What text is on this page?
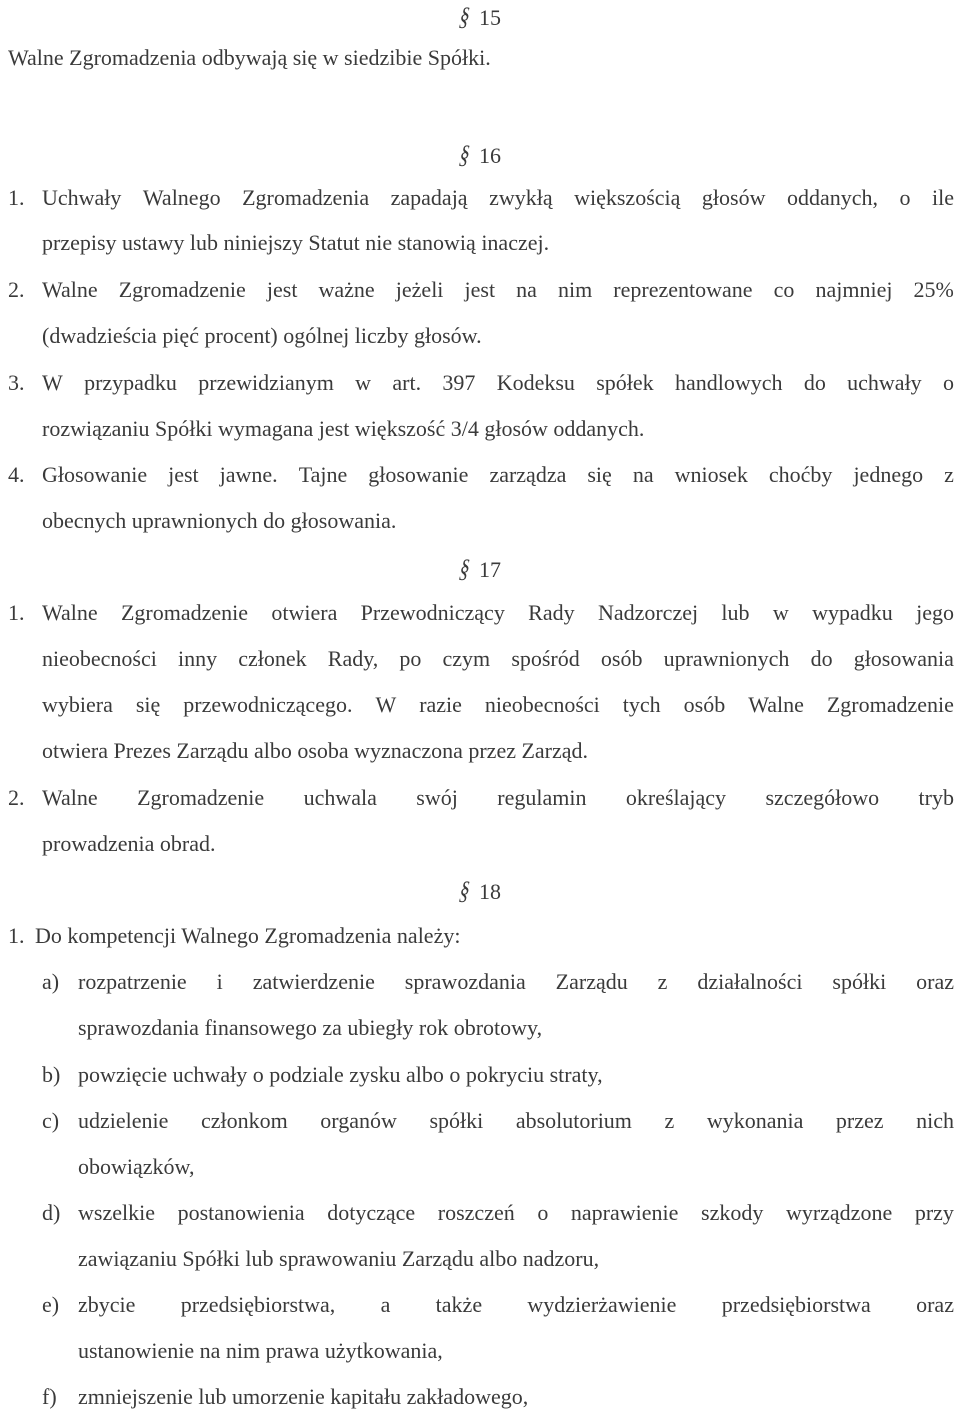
§ 15
Walne Zgromadzenia odbywają się w siedzibie Spółki.
§ 16
1. Uchwały Walnego Zgromadzenia zapadają zwykłą większością głosów oddanych, o ile
przepisy ustawy lub niniejszy Statut nie stanowią inaczej.
2. Walne Zgromadzenie jest ważne jeżeli jest na nim reprezentowane co najmniej 25%
(dwadzieścia pięć procent) ogólnej liczby głosów.
3. W przypadku przewidzianym w art. 397 Kodeksu spółek handlowych do uchwały o
rozwiązaniu Spółki wymagana jest większość 3/4 głosów oddanych.
4. Głosowanie jest jawne. Tajne głosowanie zarządza się na wniosek choćby jednego z
obecnych uprawnionych do głosowania.
§ 17
1. Walne Zgromadzenie otwiera Przewodniczący Rady Nadzorczej lub w wypadku jego
nieobecności inny członek Rady, po czym spośród osób uprawnionych do głosowania
wybiera się przewodniczącego. W razie nieobecności tych osób Walne Zgromadzenie
otwiera Prezes Zarządu albo osoba wyznaczona przez Zarząd.
2. Walne Zgromadzenie uchwala swój regulamin określający szczegółowo tryb
prowadzenia obrad.
§ 18
1. Do kompetencji Walnego Zgromadzenia należy:
a) rozpatrzenie i zatwierdzenie sprawozdania Zarządu z działalności spółki oraz
sprawozdania finansowego za ubiegły rok obrotowy,
b) powzięcie uchwały o podziale zysku albo o pokryciu straty,
c) udzielenie członkom organów spółki absolutorium z wykonania przez nich
obowiązków,
d) wszelkie postanowienia dotyczące roszczeń o naprawienie szkody wyrządzone przy
zawiązaniu Spółki lub sprawowaniu Zarządu albo nadzoru,
e) zbycie przedsiębiorstwa, a także wydzierżawienie przedsiębiorstwa oraz
ustanowienie na nim prawa użytkowania,
f) zmniejszenie lub umorzenie kapitału zakładowego,
